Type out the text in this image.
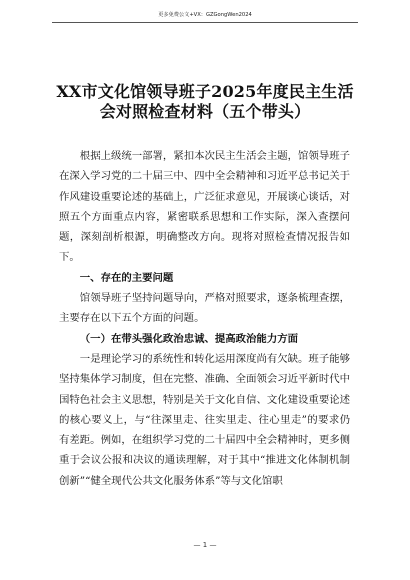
更多免费公文+VX：GZGongWen2024
XX市文化馆领导班子2025年度民主生活
会对照检查材料（五个带头）

根据上级统一部署，紧扣本次民主生活会主题，馆领导班子在深入学习党的二十届三中、四中全会精神和习近平总书记关于作风建设重要论述的基础上，广泛征求意见，开展谈心谈话，对照五个方面重点内容，紧密联系思想和工作实际，深入查摆问题，深刻剖析根源，明确整改方向。现将对照检查情况报告如下。

一、存在的主要问题

馆领导班子坚持问题导向，严格对照要求，逐条梳理查摆，主要存在以下五个方面的问题。

（一）在带头强化政治忠诚、提高政治能力方面

一是理论学习的系统性和转化运用深度尚有欠缺。班子能够坚持集体学习制度，但在完整、准确、全面领会习近平新时代中国特色社会主义思想，特别是关于文化自信、文化建设重要论述的核心要义上，与“往深里走、往实里走、往心里走”的要求仍有差距。例如，在组织学习党的二十届四中全会精神时，更多侧重于会议公报和决议的通读理解，对于其中“推进文化体制机制创新”“健全现代公共文化服务体系”等与文化馆职

— 1 —
